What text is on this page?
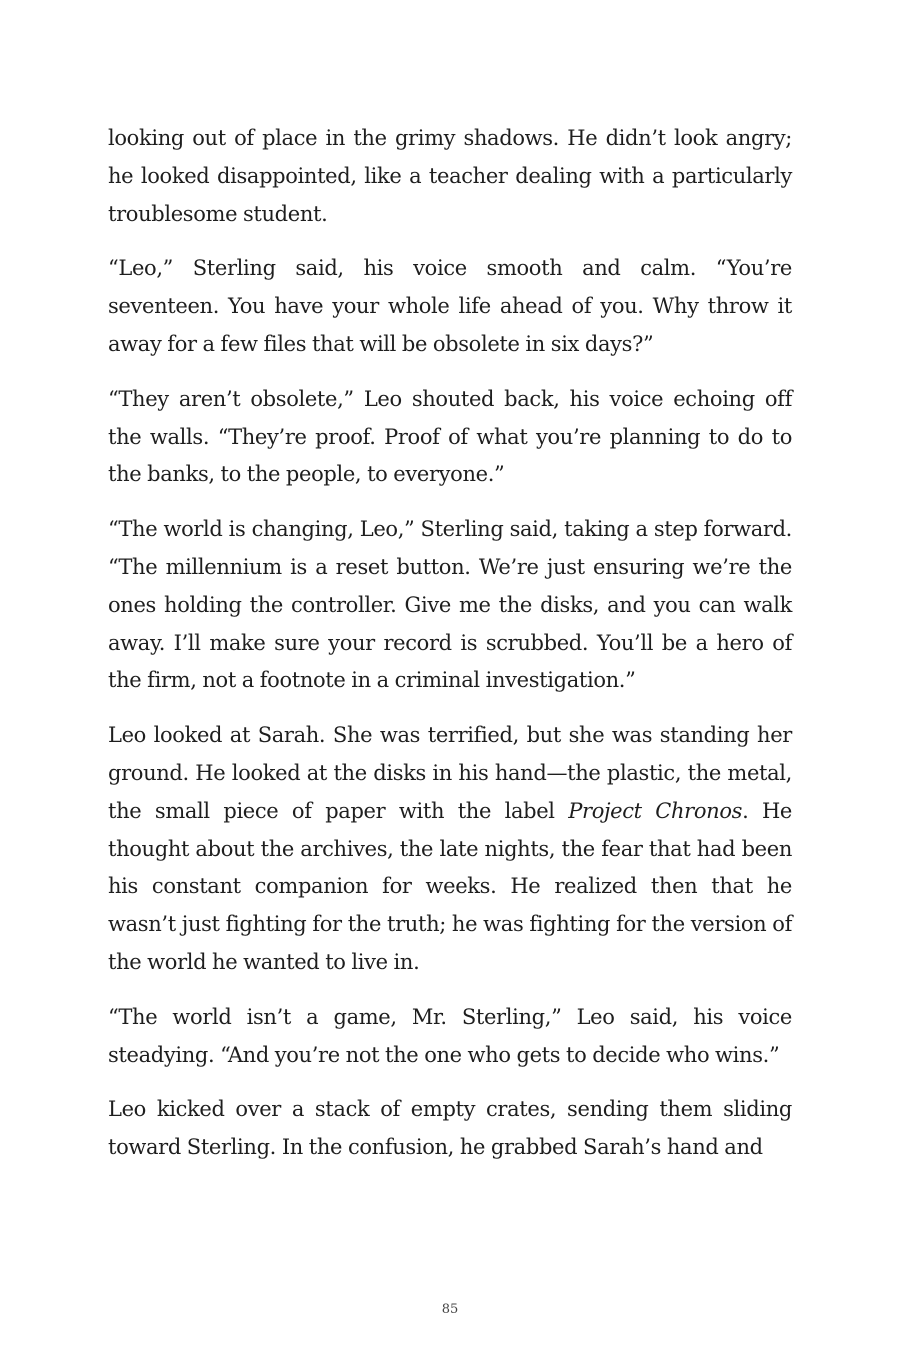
looking out of place in the grimy shadows. He didn’t look angry; he looked disappointed, like a teacher dealing with a particularly troublesome student.

“Leo,” Sterling said, his voice smooth and calm. “You’re seventeen. You have your whole life ahead of you. Why throw it away for a few files that will be obsolete in six days?”

“They aren’t obsolete,” Leo shouted back, his voice echoing off the walls. “They’re proof. Proof of what you’re planning to do to the banks, to the people, to everyone.”

“The world is changing, Leo,” Sterling said, taking a step forward. “The millennium is a reset button. We’re just ensuring we’re the ones holding the controller. Give me the disks, and you can walk away. I’ll make sure your record is scrubbed. You’ll be a hero of the firm, not a footnote in a criminal investigation.”

Leo looked at Sarah. She was terrified, but she was standing her ground. He looked at the disks in his hand—the plastic, the metal, the small piece of paper with the label Project Chronos. He thought about the archives, the late nights, the fear that had been his constant companion for weeks. He realized then that he wasn’t just fighting for the truth; he was fighting for the version of the world he wanted to live in.

“The world isn’t a game, Mr. Sterling,” Leo said, his voice steadying. “And you’re not the one who gets to decide who wins.”

Leo kicked over a stack of empty crates, sending them sliding toward Sterling. In the confusion, he grabbed Sarah’s hand and

85
